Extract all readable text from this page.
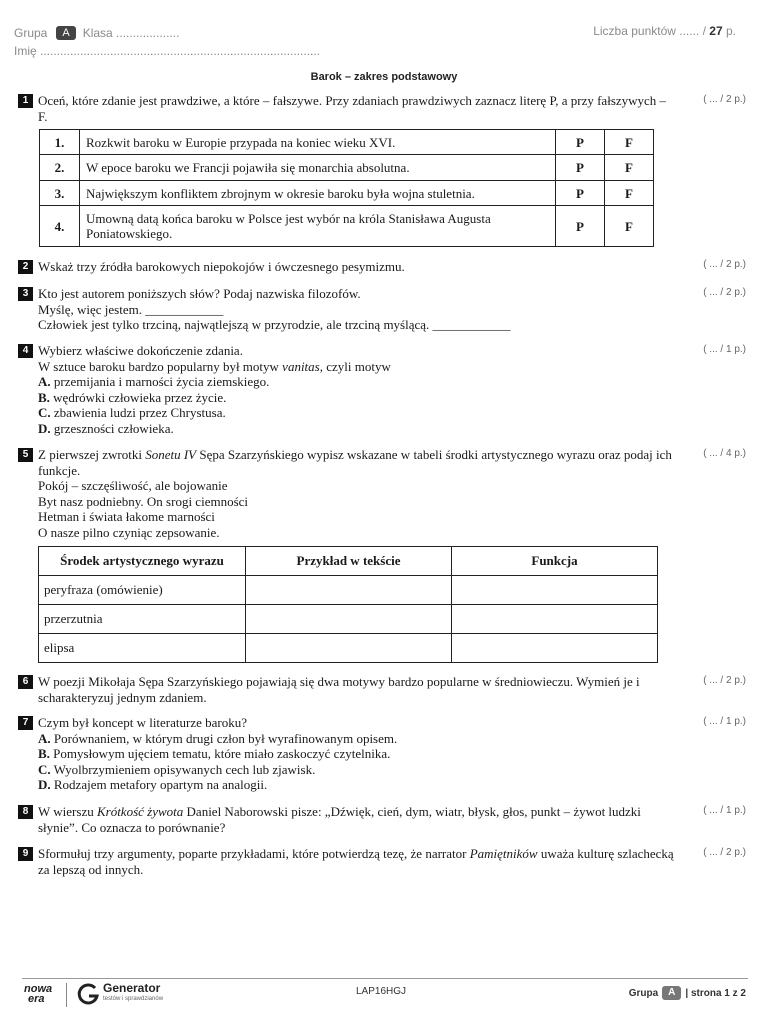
Grupa	A	Klasa ...................
Imię ....................................................................................
Liczba punktów ...... / 27 p.
Barok – zakres podstawowy
1 Oceń, które zdanie jest prawdziwe, a które – fałszywe. Przy zdaniach prawdziwych zaznacz literę P, a przy fałszywych – F.
( ... / 2 p.)
1.	Rozkwit baroku w Europie przypada na koniec wieku XVI.	P	F
2.	W epoce baroku we Francji pojawiła się monarchia absolutna.	P	F
3.	Największym konfliktem zbrojnym w okresie baroku była wojna stuletnia.	P	F
4.	Umowną datą końca baroku w Polsce jest wybór na króla Stanisława Augusta Poniatowskiego.	P	F
2 Wskaż trzy źródła barokowych niepokojów i ówczesnego pesymizmu.	( ... / 2 p.)
3 Kto jest autorem poniższych słów? Podaj nazwiska filozofów.
Myślę, więc jestem. ____________
Człowiek jest tylko trzciną, najwątlejszą w przyrodzie, ale trzciną myślącą. ____________
( ... / 2 p.)
4 Wybierz właściwe dokończenie zdania.
W sztuce baroku bardzo popularny był motyw vanitas, czyli motyw
A. przemijania i marności życia ziemskiego.
B. wędrówki człowieka przez życie.
C. zbawienia ludzi przez Chrystusa.
D. grzeszności człowieka.
( ... / 1 p.)
5 Z pierwszej zwrotki Sonetu IV Sępa Szarzyńskiego wypisz wskazane w tabeli środki artystycznego wyrazu oraz podaj ich funkcje.
Pokój – szczęśliwość, ale bojowanie
Byt nasz podniebny. On srogi ciemności
Hetman i świata łakome marności
O nasze pilno czyniąc zepsowanie.
( ... / 4 p.)
Środek artystycznego wyrazu	Przykład w tekście	Funkcja
peryfraza (omówienie)		
przerzutnia		
elipsa		
6 W poezji Mikołaja Sępa Szarzyńskiego pojawiają się dwa motywy bardzo popularne w średniowieczu. Wymień je i scharakteryzuj jednym zdaniem.
( ... / 2 p.)
7 Czym był koncept w literaturze baroku?
A. Porównaniem, w którym drugi człon był wyrafinowanym opisem.
B. Pomysłowym ujęciem tematu, które miało zaskoczyć czytelnika.
C. Wyolbrzymieniem opisywanych cech lub zjawisk.
D. Rodzajem metafory opartym na analogii.
( ... / 1 p.)
8 W wierszu Krótkość żywota Daniel Naborowski pisze: „Dźwięk, cień, dym, wiatr, błysk, głos, punkt – żywot ludzki słynie”. Co oznacza to porównanie?
( ... / 1 p.)
9 Sformułuj trzy argumenty, poparte przykładami, które potwierdzą tezę, że narrator Pamiętników uważa kulturę szlachecką za lepszą od innych.
( ... / 2 p.)
nowa
era
Generator
testów i sprawdzianów
LAP16HGJ	Grupa	A	| strona 1 z 2
